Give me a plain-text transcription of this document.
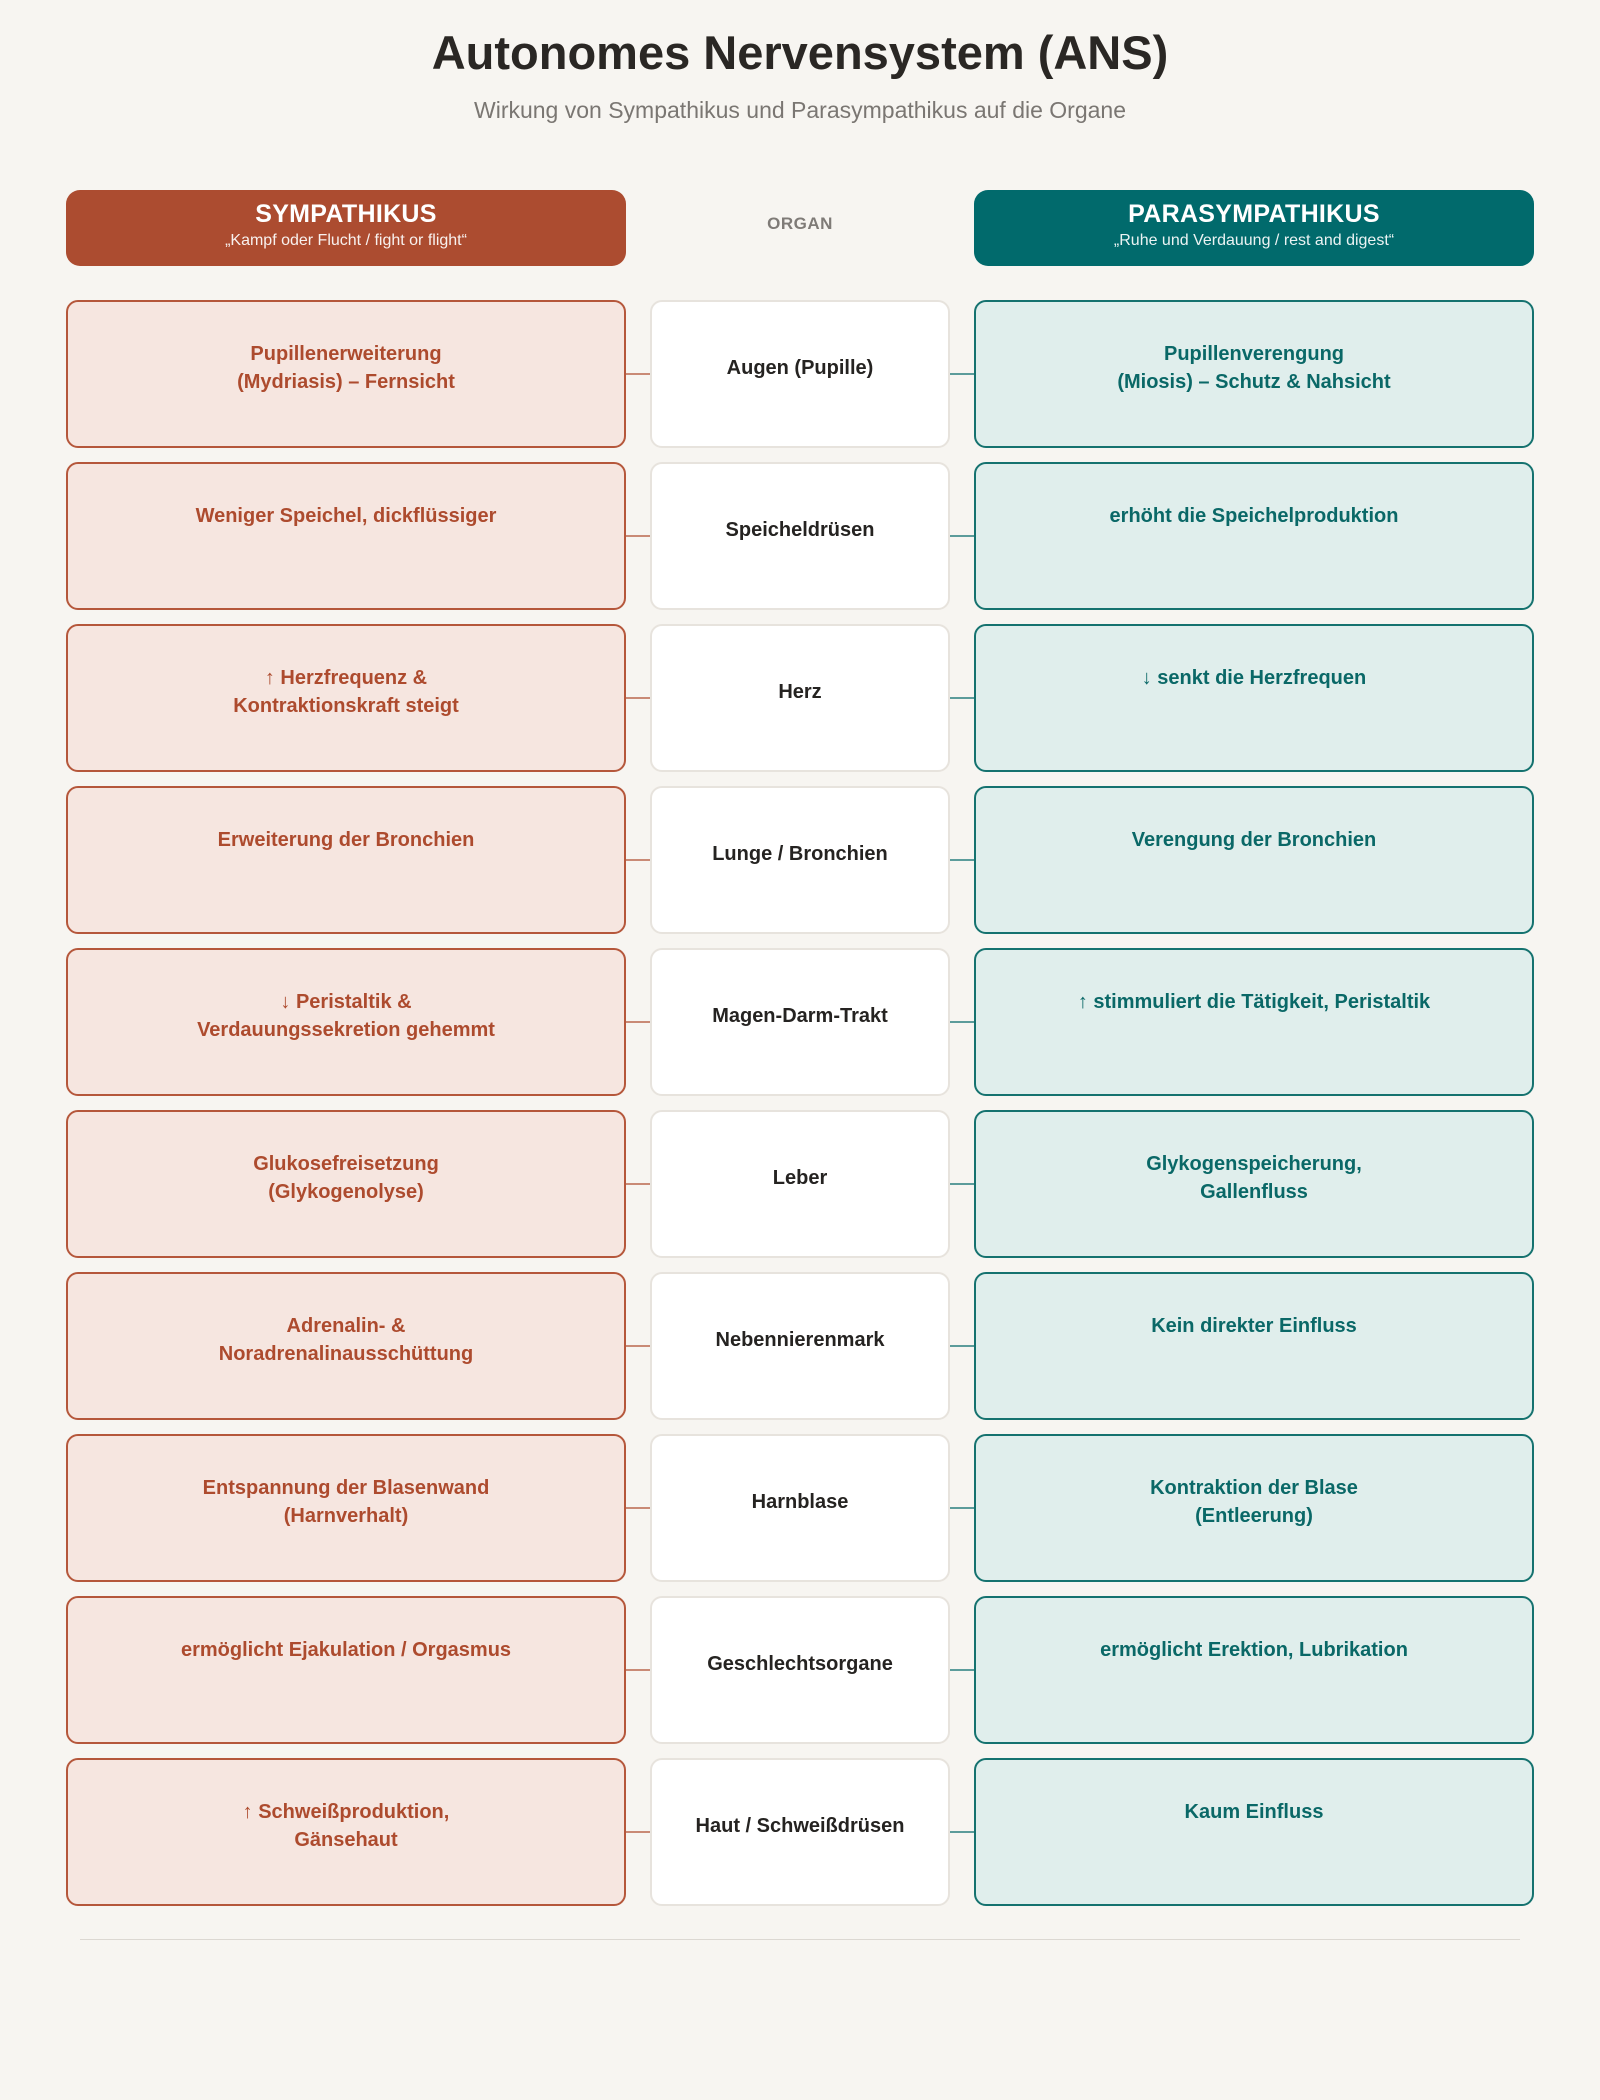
Autonomes Nervensystem (ANS)
Wirkung von Sympathikus und Parasympathikus auf die Organe
SYMPATHIKUS
„Kampf oder Flucht / fight or flight“
ORGAN	PARASYMPATHIKUS
„Ruhe und Verdauung / rest and digest“
Pupillenerweiterung
(Mydriasis) – Fernsicht
Augen (Pupille)
Pupillenverengung
(Miosis) – Schutz & Nahsicht
Weniger Speichel, dickflüssiger
Speicheldrüsen
erhöht die Speichelproduktion
↑ Herzfrequenz &
Kontraktionskraft steigt
Herz
↓ senkt die Herzfrequen
Erweiterung der Bronchien
Lunge / Bronchien
Verengung der Bronchien
↓ Peristaltik &
Verdauungssekretion gehemmt
Magen-Darm-Trakt
↑ stimmuliert die Tätigkeit, Peristaltik
Glukosefreisetzung
(Glykogenolyse)
Leber
Glykogenspeicherung,
Gallenfluss
Adrenalin- &
Noradrenalinausschüttung
Nebennierenmark
Kein direkter Einfluss
Entspannung der Blasenwand
(Harnverhalt)
Harnblase
Kontraktion der Blase
(Entleerung)
ermöglicht Ejakulation / Orgasmus
Geschlechtsorgane
ermöglicht Erektion, Lubrikation
↑ Schweißproduktion,
Gänsehaut
Haut / Schweißdrüsen
Kaum Einfluss
